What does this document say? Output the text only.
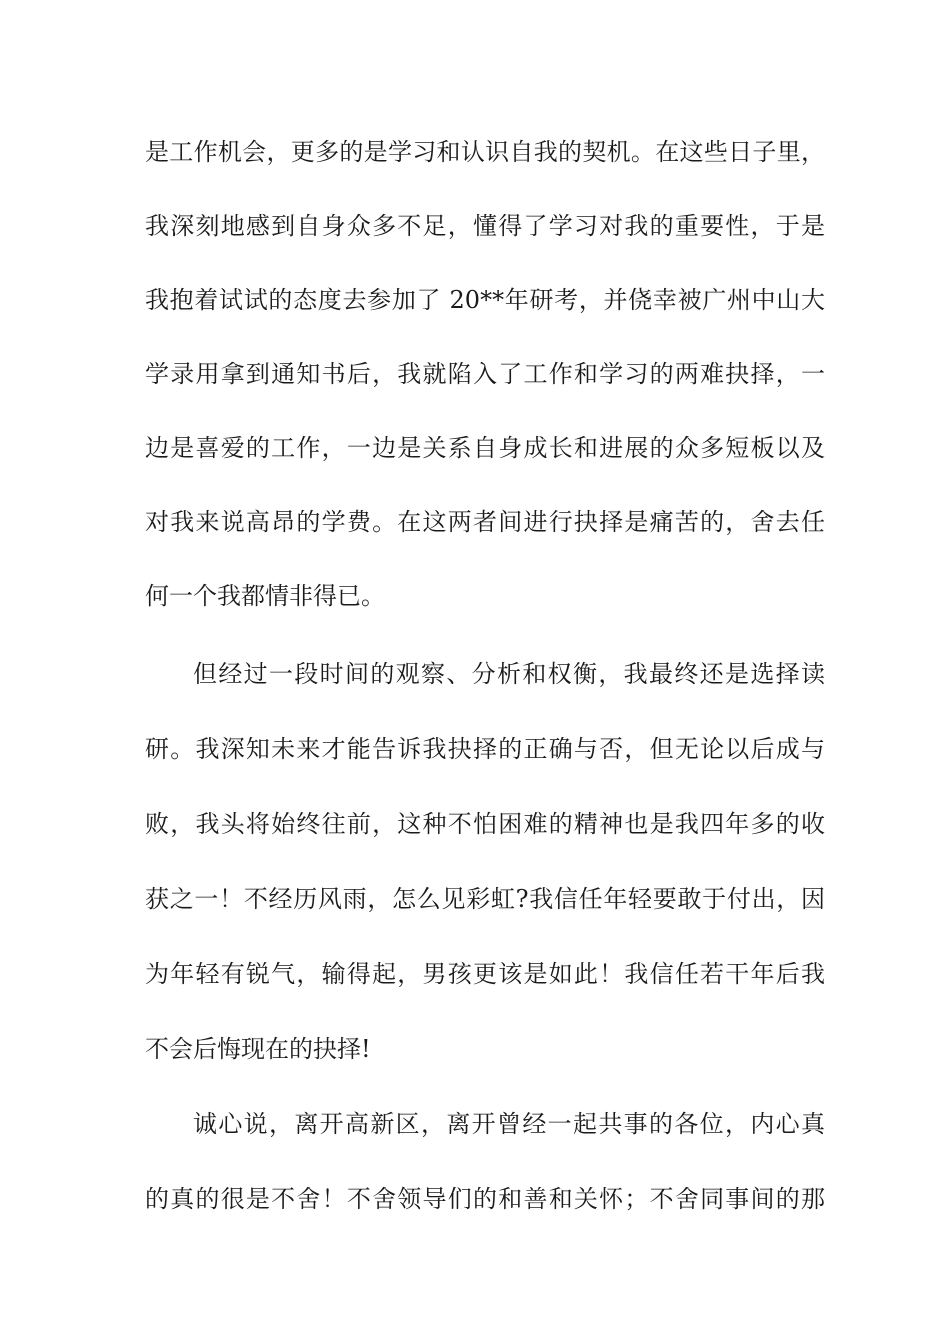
是工作机会，更多的是学习和认识自我的契机。在这些日子里，
我深刻地感到自身众多不足，懂得了学习对我的重要性，于是
我抱着试试的态度去参加了 20**年研考，并侥幸被广州中山大
学录用拿到通知书后，我就陷入了工作和学习的两难抉择，一
边是喜爱的工作，一边是关系自身成长和进展的众多短板以及
对我来说高昂的学费。在这两者间进行抉择是痛苦的，舍去任
何一个我都情非得已。
但经过一段时间的观察、分析和权衡，我最终还是选择读
研。我深知未来才能告诉我抉择的正确与否，但无论以后成与
败，我头将始终往前，这种不怕困难的精神也是我四年多的收
获之一！不经历风雨，怎么见彩虹?我信任年轻要敢于付出，因
为年轻有锐气，输得起，男孩更该是如此！我信任若干年后我
不会后悔现在的抉择!
诚心说，离开高新区，离开曾经一起共事的各位，内心真
的真的很是不舍！不舍领导们的和善和关怀；不舍同事间的那
